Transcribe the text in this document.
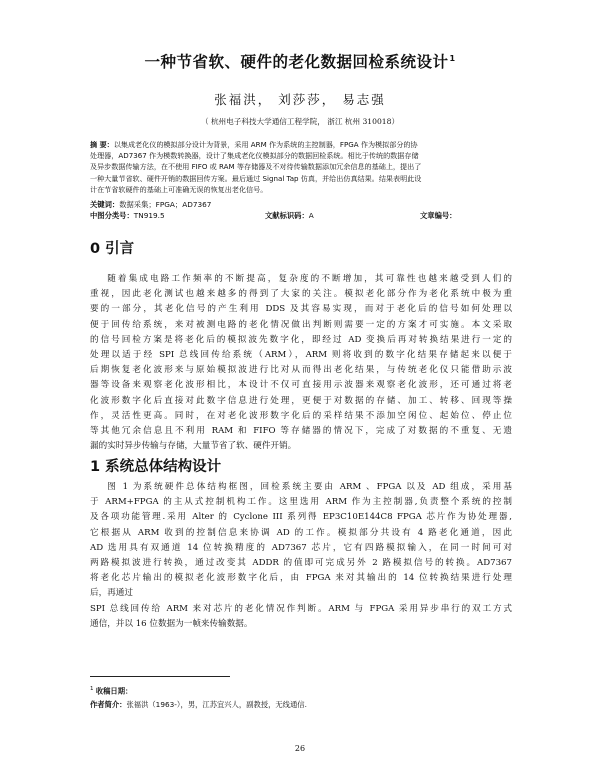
一种节省软、硬件的老化数据回检系统设计$^1$
张福洪， 刘莎莎， 易志强
（ 杭州电子科技大学通信工程学院， 浙江 杭州 310018）
摘 要：以集成老化仪的模拟部分设计为背景，采用 ARM 作为系统的主控制器，FPGA 作为模拟部分的协
处理器，AD7367 作为模数转换器，设计了集成老化仪模拟部分的数据回检系统。相比于传统的数据存储
及异步数据传输方法，在不使用 FIFO 或 RAM 等存储器及不对待传输数据添加冗余信息的基础上，提出了
一种大量节省软、硬件开销的数据回传方案。最后通过 Signal Tap 仿真，并给出仿真结果。结果表明此设
计在节省软硬件的基础上可准确无误的恢复出老化信号。
关键词：数据采集；FPGA；AD7367
中图分类号： TN919.5	文献标识码： A	文章编号：
0 引言
随着集成电路工作频率的不断提高，复杂度的不断增加，其可靠性也越来越受到人们的
重视，因此老化测试也越来越多的得到了大家的关注。模拟老化部分作为老化系统中极为重
要的一部分，其老化信号的产生利用 DDS 及其容易实现，而对于老化后的信号如何处理以
便于回传给系统，来对被测电路的老化情况做出判断则需要一定的方案才可实施。本文采取
的信号回检方案是将老化后的模拟波先数字化，即经过 AD 变换后再对转换结果进行一定的
处理以适于经 SPI 总线回传给系统（ARM），ARM 则将收到的数字化结果存储起来以便于
后期恢复老化波形来与原始模拟波进行比对从而得出老化结果，与传统老化仪只能借助示波
器等设备来观察老化波形相比，本设计不仅可直接用示波器来观察老化波形，还可通过将老
化波形数字化后直接对此数字信息进行处理，更便于对数据的存储、加工、转移、回现等操
作，灵活性更高。同时，在对老化波形数字化后的采样结果不添加空闲位、起始位、停止位
等其他冗余信息且不利用 RAM 和 FIFO 等存储器的情况下，完成了对数据的不重复、无遗
漏的实时异步传输与存储，大量节省了软、硬件开销。
1 系统总体结构设计
图 1 为系统硬件总体结构框图，回检系统主要由 ARM 、FPGA 以及 AD 组成，采用基
于 ARM+FPGA 的主从式控制机构工作。这里选用 ARM 作为主控制器,负责整个系统的控制
及各项功能管理.采用 Alter 的 Cyclone III 系列得 EP3C10E144C8 FPGA 芯片作为协处理器,
它根据从 ARM 收到的控制信息来协调 AD 的工作。模拟部分共设有 4 路老化通道，因此
AD 选用具有双通道 14 位转换精度的 AD7367 芯片，它有四路模拟输入，在同一时间可对
两路模拟波进行转换，通过改变其 ADDR 的值即可完成另外 2 路模拟信号的转换。AD7367
将老化芯片输出的模拟老化波形数字化后，由 FPGA 来对其输出的 14 位转换结果进行处理
后，再通过
SPI 总线回传给 ARM 来对芯片的老化情况作判断。ARM 与 FPGA 采用异步串行的双工方式
通信，并以 16 位数据为一帧来传输数据。
$^1$ 收稿日期：
作者简介：张福洪（1963-），男，江苏宜兴人，副教授，无线通信.
26
